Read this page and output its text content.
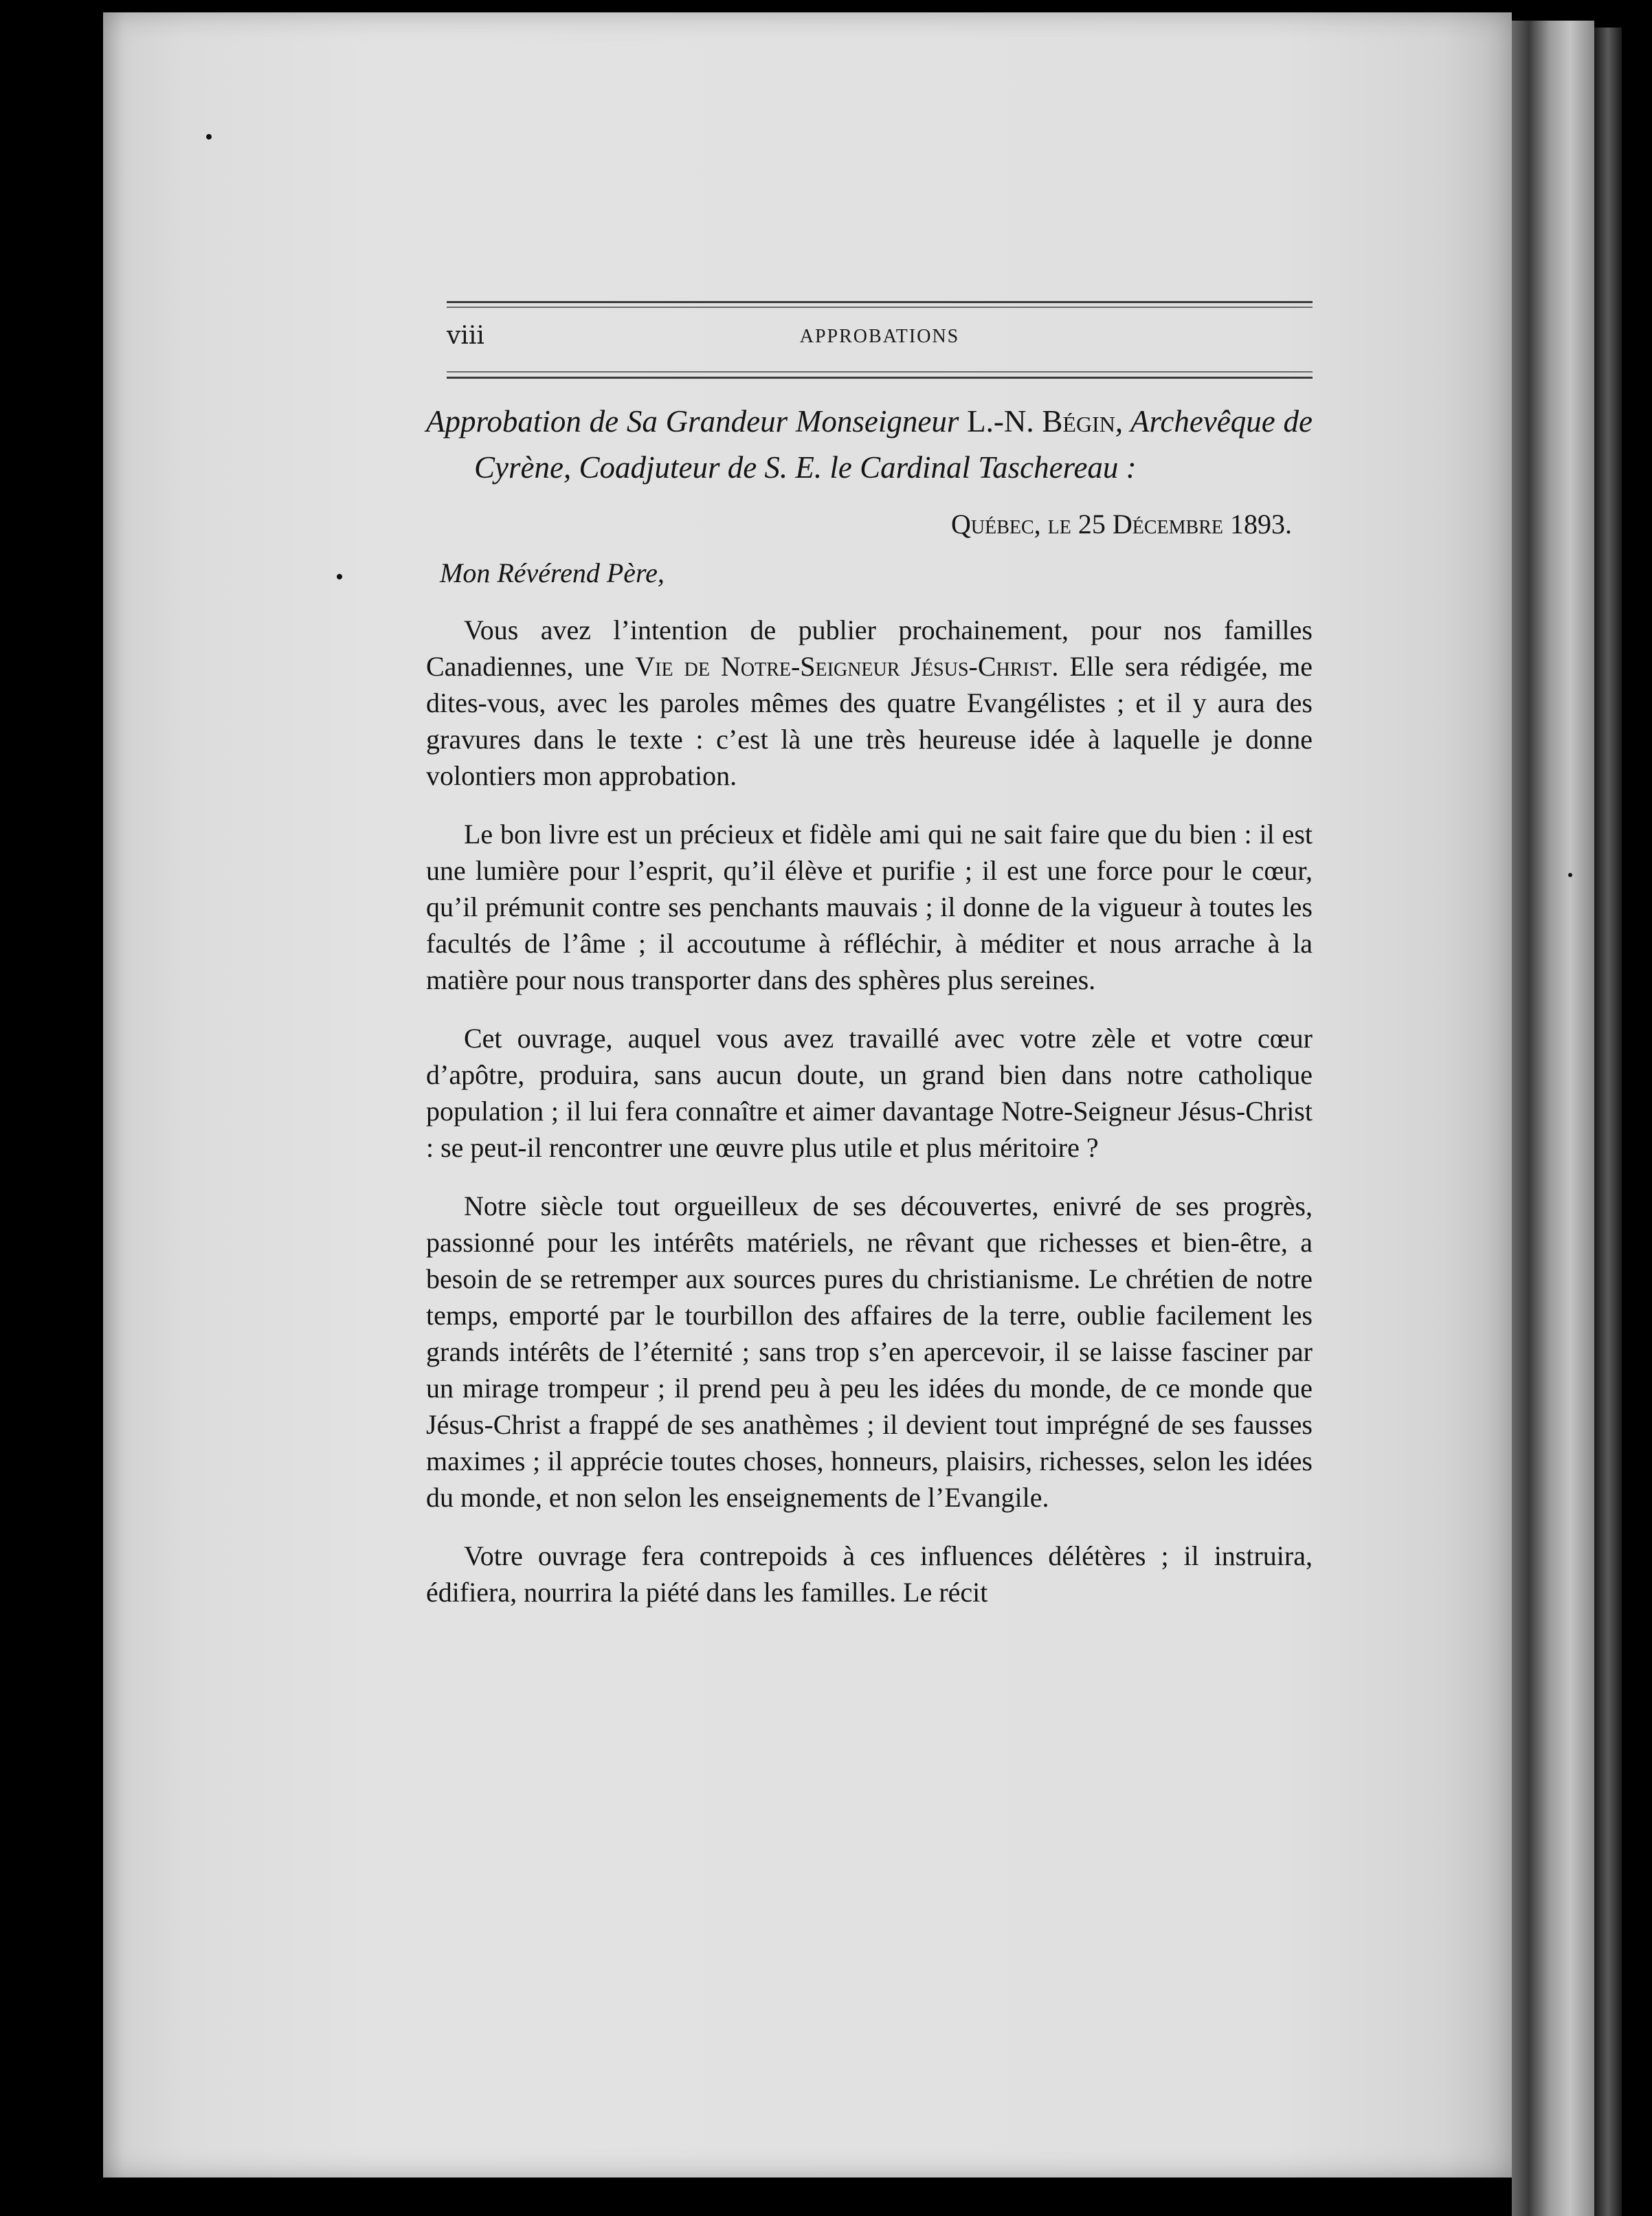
viii	APPROBATIONS

Approbation de Sa Grandeur Monseigneur L.-N. Bégin, Archevêque de Cyrène, Coadjuteur de S. E. le Cardinal Taschereau :

Québec, le 25 Décembre 1893.

Mon Révérend Père,

Vous avez l’intention de publier prochainement, pour nos familles Canadiennes, une Vie de Notre-Seigneur Jésus-Christ. Elle sera rédigée, me dites-vous, avec les paroles mêmes des quatre Evangélistes ; et il y aura des gravures dans le texte : c’est là une très heureuse idée à laquelle je donne volontiers mon approbation.

Le bon livre est un précieux et fidèle ami qui ne sait faire que du bien : il est une lumière pour l’esprit, qu’il élève et purifie ; il est une force pour le cœur, qu’il prémunit contre ses penchants mauvais ; il donne de la vigueur à toutes les facultés de l’âme ; il accoutume à réfléchir, à méditer et nous arrache à la matière pour nous transporter dans des sphères plus sereines.

Cet ouvrage, auquel vous avez travaillé avec votre zèle et votre cœur d’apôtre, produira, sans aucun doute, un grand bien dans notre catholique population ; il lui fera connaître et aimer davantage Notre-Seigneur Jésus-Christ : se peut-il rencontrer une œuvre plus utile et plus méritoire ?

Notre siècle tout orgueilleux de ses découvertes, enivré de ses progrès, passionné pour les intérêts matériels, ne rêvant que richesses et bien-être, a besoin de se retremper aux sources pures du christianisme. Le chrétien de notre temps, emporté par le tourbillon des affaires de la terre, oublie facilement les grands intérêts de l’éternité ; sans trop s’en apercevoir, il se laisse fasciner par un mirage trompeur ; il prend peu à peu les idées du monde, de ce monde que Jésus-Christ a frappé de ses anathèmes ; il devient tout imprégné de ses fausses maximes ; il apprécie toutes choses, honneurs, plaisirs, richesses, selon les idées du monde, et non selon les enseignements de l’Evangile.

Votre ouvrage fera contrepoids à ces influences délétères ; il instruira, édifiera, nourrira la piété dans les familles. Le récit
